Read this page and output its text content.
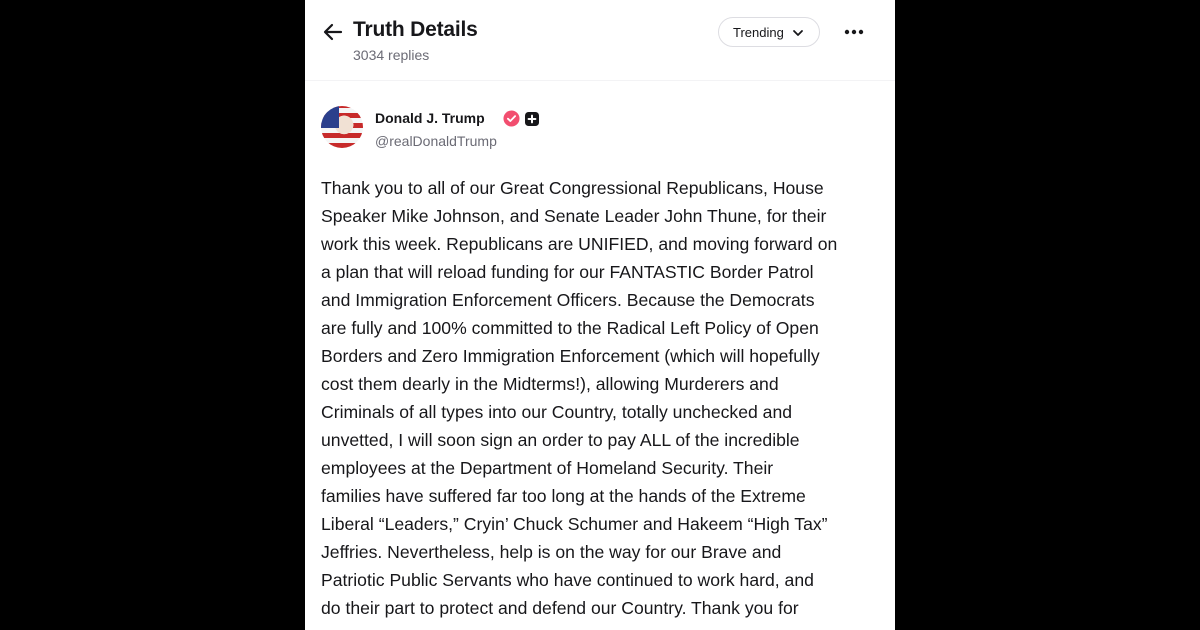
Truth Details
3034 replies
Trending
Donald J. Trump
@realDonaldTrump

Thank you to all of our Great Congressional Republicans, House
Speaker Mike Johnson, and Senate Leader John Thune, for their
work this week. Republicans are UNIFIED, and moving forward on
a plan that will reload funding for our FANTASTIC Border Patrol
and Immigration Enforcement Officers. Because the Democrats
are fully and 100% committed to the Radical Left Policy of Open
Borders and Zero Immigration Enforcement (which will hopefully
cost them dearly in the Midterms!), allowing Murderers and
Criminals of all types into our Country, totally unchecked and
unvetted, I will soon sign an order to pay ALL of the incredible
employees at the Department of Homeland Security. Their
families have suffered far too long at the hands of the Extreme
Liberal “Leaders,” Cryin’ Chuck Schumer and Hakeem “High Tax”
Jeffries. Nevertheless, help is on the way for our Brave and
Patriotic Public Servants who have continued to work hard, and
do their part to protect and defend our Country. Thank you for
